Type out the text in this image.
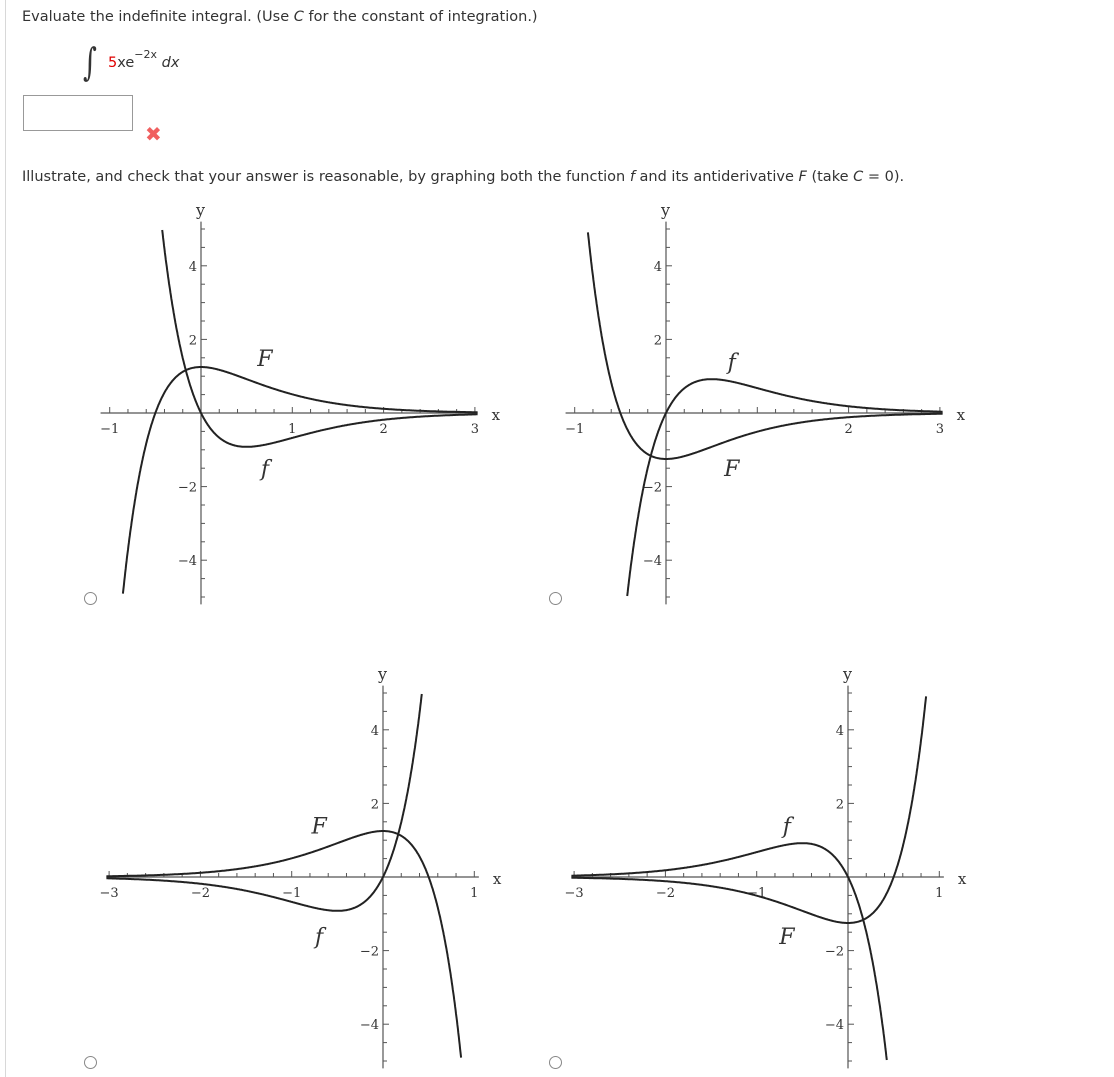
Evaluate the indefinite integral. (Use C for the constant of integration.)
∫ $5xe^{-2x}$ dx
✖
Illustrate, and check that your answer is reasonable, by graphing both the function f and its antiderivative F (take C = 0).
−1	1	2	3
4
2
−2
−4
x
y
F
f
−1	2	3
4
2
−2
−4
x
y
f
F
−3	−2	−1	1
4
2
−2
−4
x
y
F
f
−3	−2	−1	1
4
2
−2
−4
x
y
f
F
